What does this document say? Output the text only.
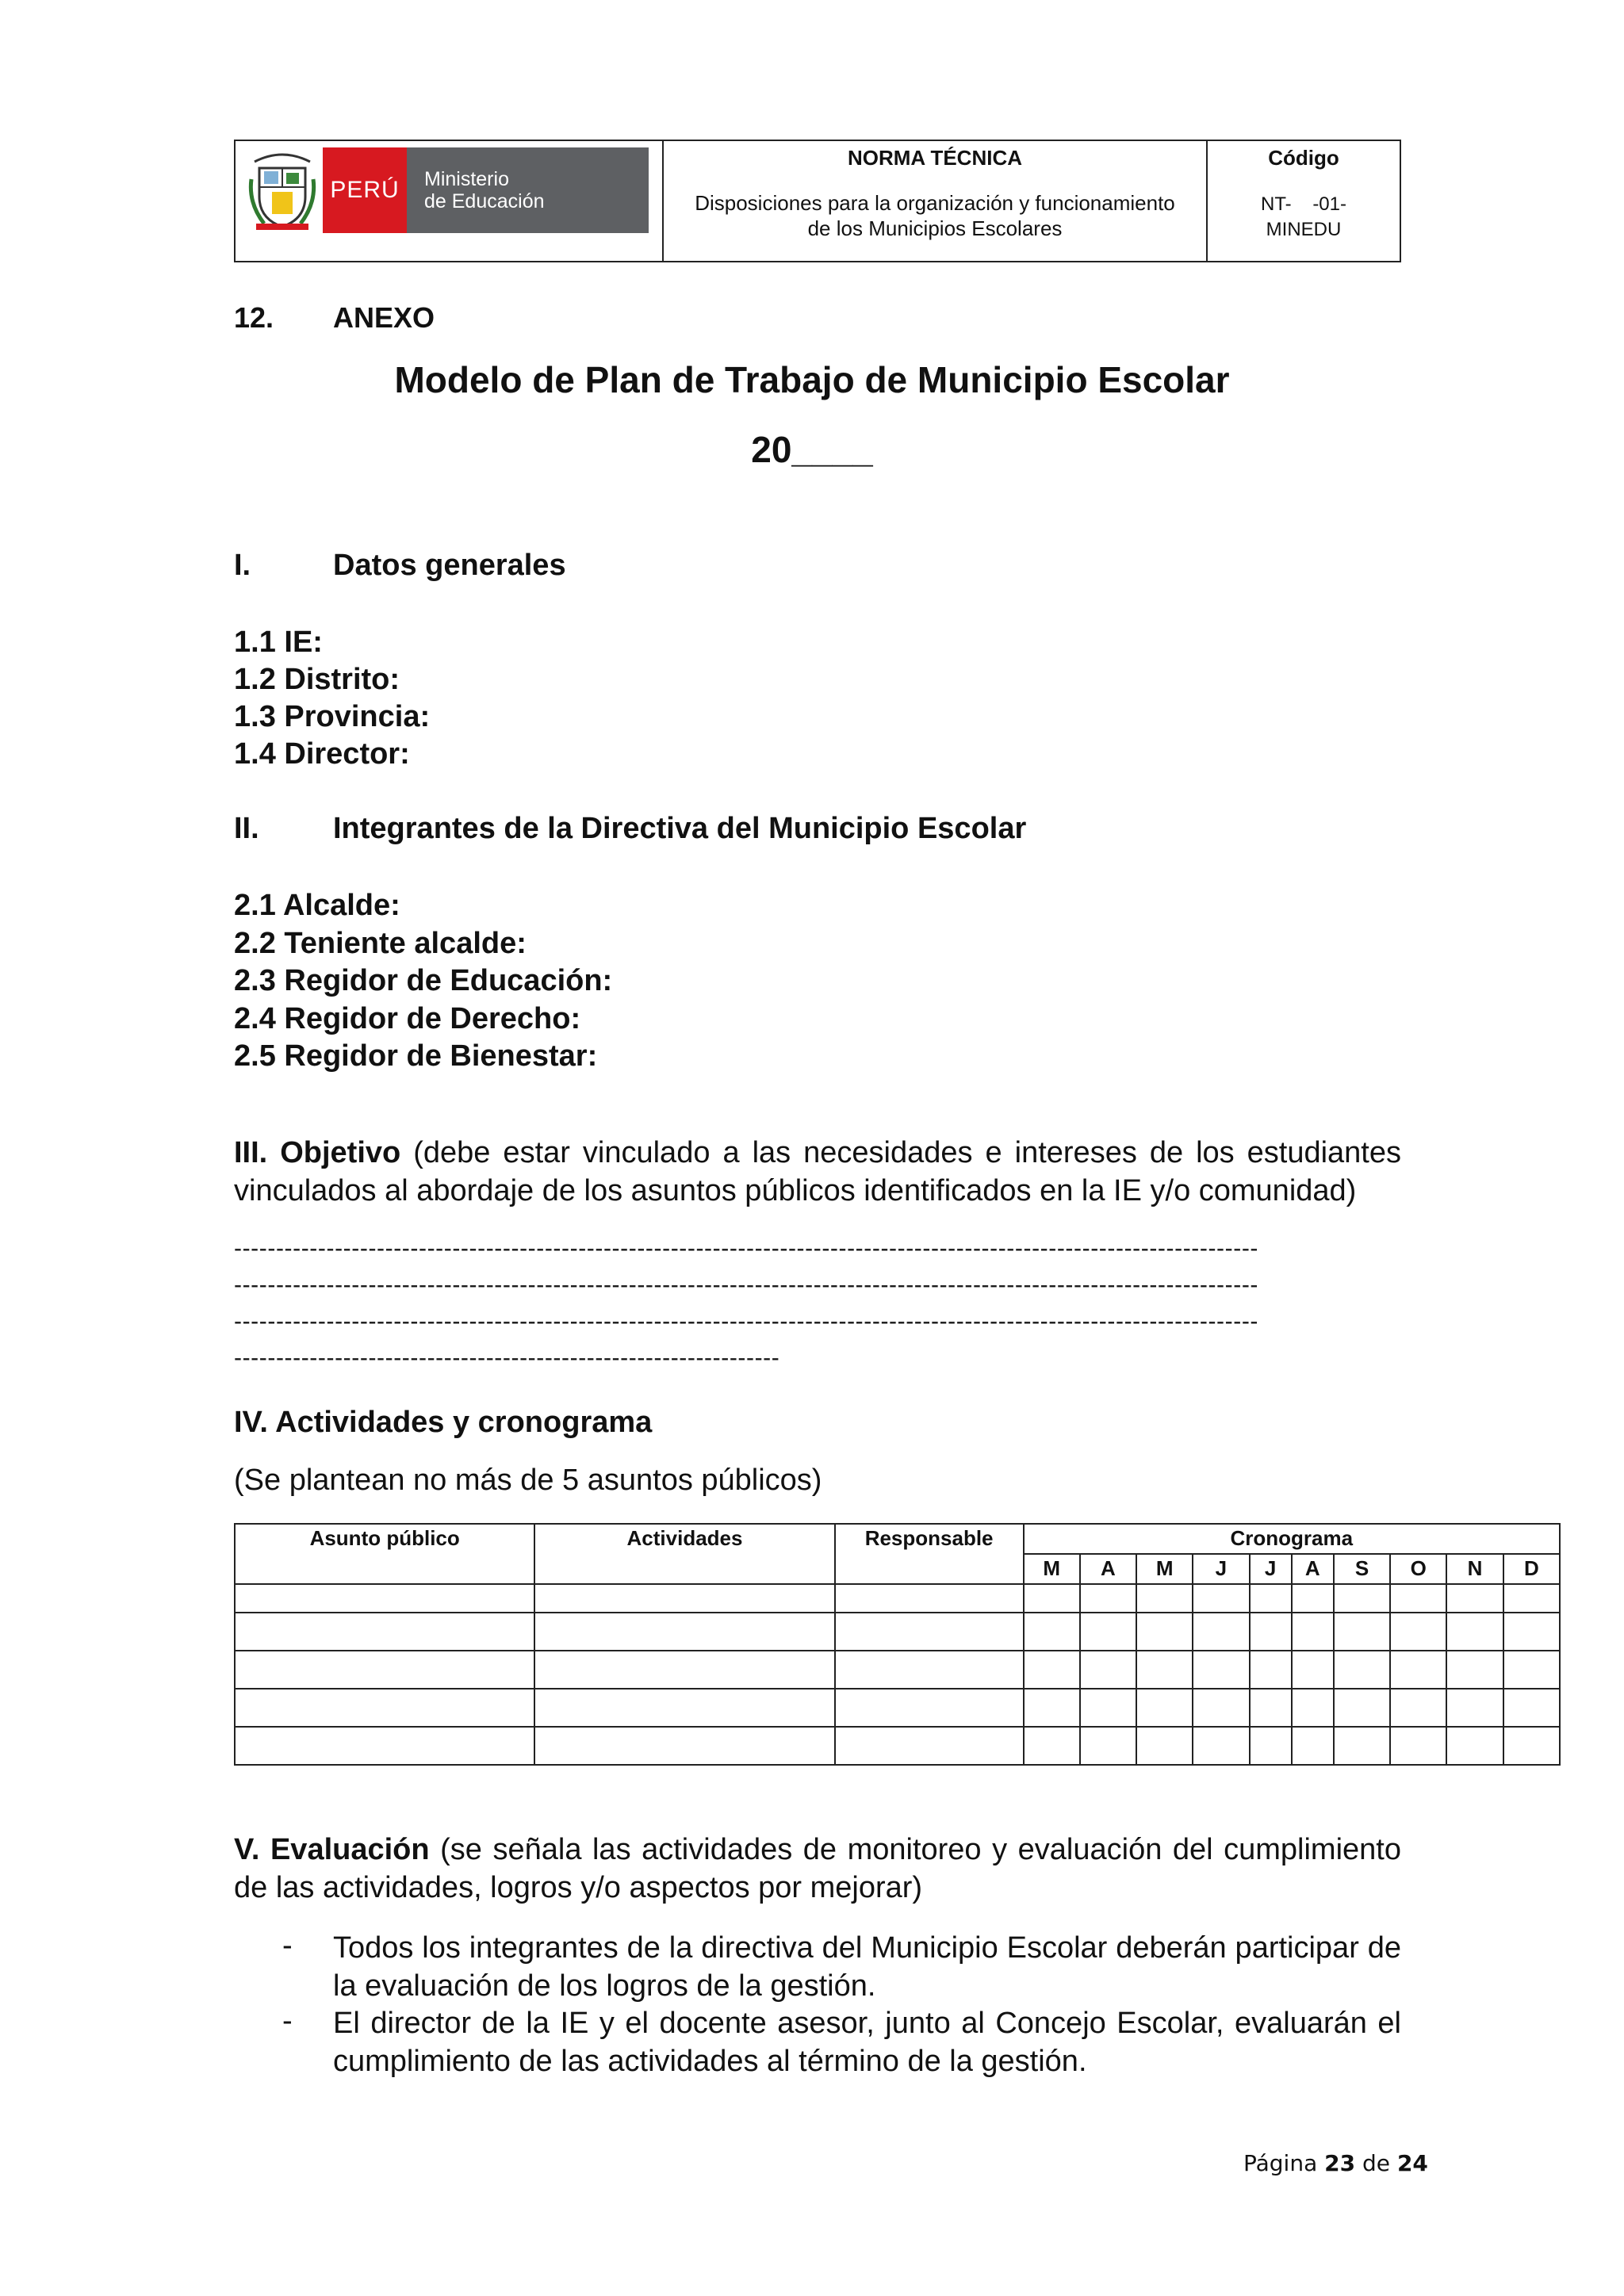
PERÚ	Ministerio
de Educación
NORMA TÉCNICA
Disposiciones para la organización y funcionamiento
de los Municipios Escolares
Código
NT-    -01-
MINEDU
12. ANEXO
Modelo de Plan de Trabajo de Municipio Escolar
20____
I.	Datos generales
1.1 IE:
1.2 Distrito:
1.3 Provincia:
1.4 Director:
II. Integrantes de la Directiva del Municipio Escolar
2.1 Alcalde:
2.2 Teniente alcalde:
2.3 Regidor de Educación:
2.4 Regidor de Derecho:
2.5 Regidor de Bienestar:
III. Objetivo (debe estar vinculado a las necesidades e intereses de los estudiantes vinculados al abordaje de los asuntos públicos identificados en la IE y/o comunidad)
--------------------------------------------------------------------------------------------------------------------------
--------------------------------------------------------------------------------------------------------------------------
--------------------------------------------------------------------------------------------------------------------------
-----------------------------------------------------------------
IV. Actividades y cronograma
(Se plantean no más de 5 asuntos públicos)
Asunto público	Actividades	Responsable	Cronograma									
			M	A	M	J	J	A	S	O	N	D

V. Evaluación (se señala las actividades de monitoreo y evaluación del cumplimiento de las actividades, logros y/o aspectos por mejorar)
- Todos los integrantes de la directiva del Municipio Escolar deberán participar de la evaluación de los logros de la gestión.
- El director de la IE y el docente asesor, junto al Concejo Escolar, evaluarán el cumplimiento de las actividades al término de la gestión.
Página 23 de 24
